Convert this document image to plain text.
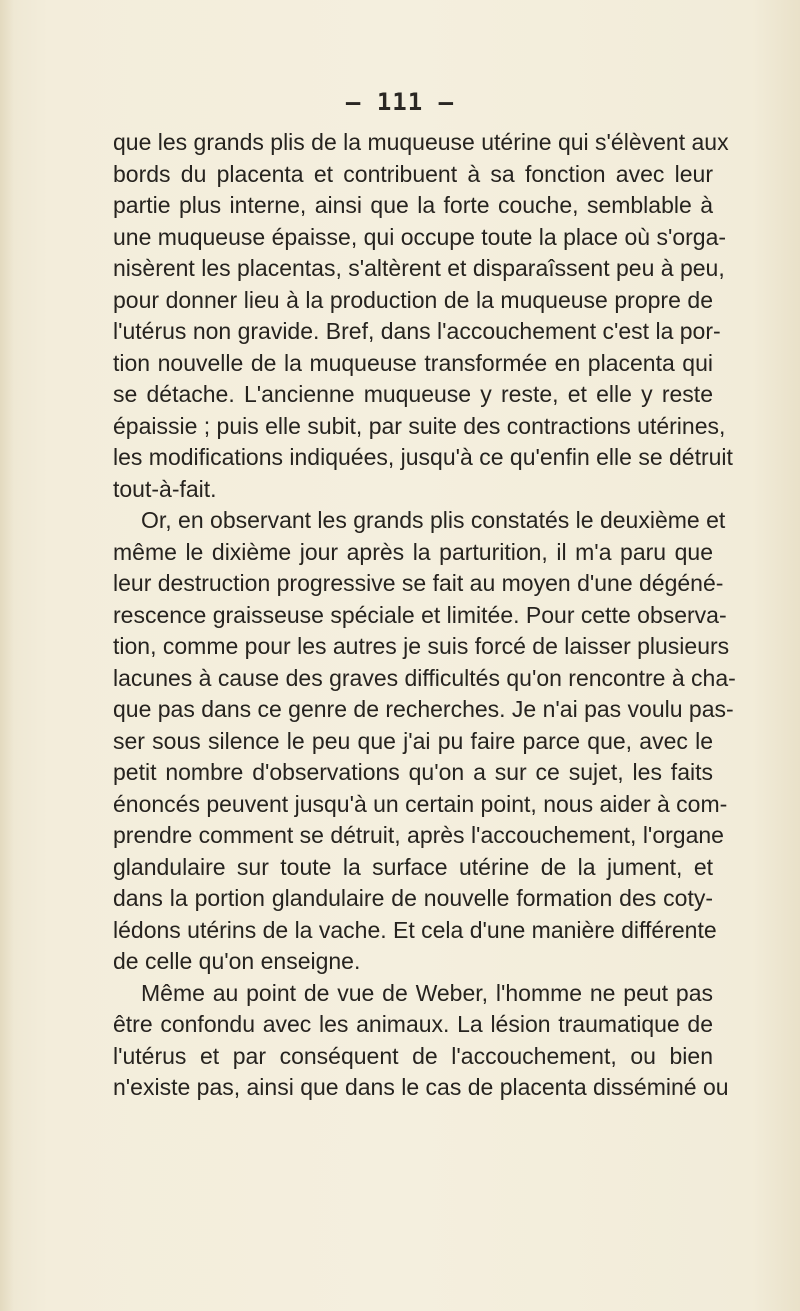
— 111 —
que les grands plis de la muqueuse utérine qui s'élèvent aux
bords du placenta et contribuent à sa fonction avec leur
partie plus interne, ainsi que la forte couche, semblable à
une muqueuse épaisse, qui occupe toute la place où s'orga-
nisèrent les placentas, s'altèrent et disparaîssent peu à peu,
pour donner lieu à la production de la muqueuse propre de
l'utérus non gravide. Bref, dans l'accouchement c'est la por-
tion nouvelle de la muqueuse transformée en placenta qui
se détache. L'ancienne muqueuse y reste, et elle y reste
épaissie ; puis elle subit, par suite des contractions utérines,
les modifications indiquées, jusqu'à ce qu'enfin elle se détruit
tout-à-fait.
Or, en observant les grands plis constatés le deuxième et
même le dixième jour après la parturition, il m'a paru que
leur destruction progressive se fait au moyen d'une dégéné-
rescence graisseuse spéciale et limitée. Pour cette observa-
tion, comme pour les autres je suis forcé de laisser plusieurs
lacunes à cause des graves difficultés qu'on rencontre à cha-
que pas dans ce genre de recherches. Je n'ai pas voulu pas-
ser sous silence le peu que j'ai pu faire parce que, avec le
petit nombre d'observations qu'on a sur ce sujet, les faits
énoncés peuvent jusqu'à un certain point, nous aider à com-
prendre comment se détruit, après l'accouchement, l'organe
glandulaire sur toute la surface utérine de la jument, et
dans la portion glandulaire de nouvelle formation des coty-
lédons utérins de la vache. Et cela d'une manière différente
de celle qu'on enseigne.
Même au point de vue de Weber, l'homme ne peut pas
être confondu avec les animaux. La lésion traumatique de
l'utérus et par conséquent de l'accouchement, ou bien
n'existe pas, ainsi que dans le cas de placenta disséminé ou
